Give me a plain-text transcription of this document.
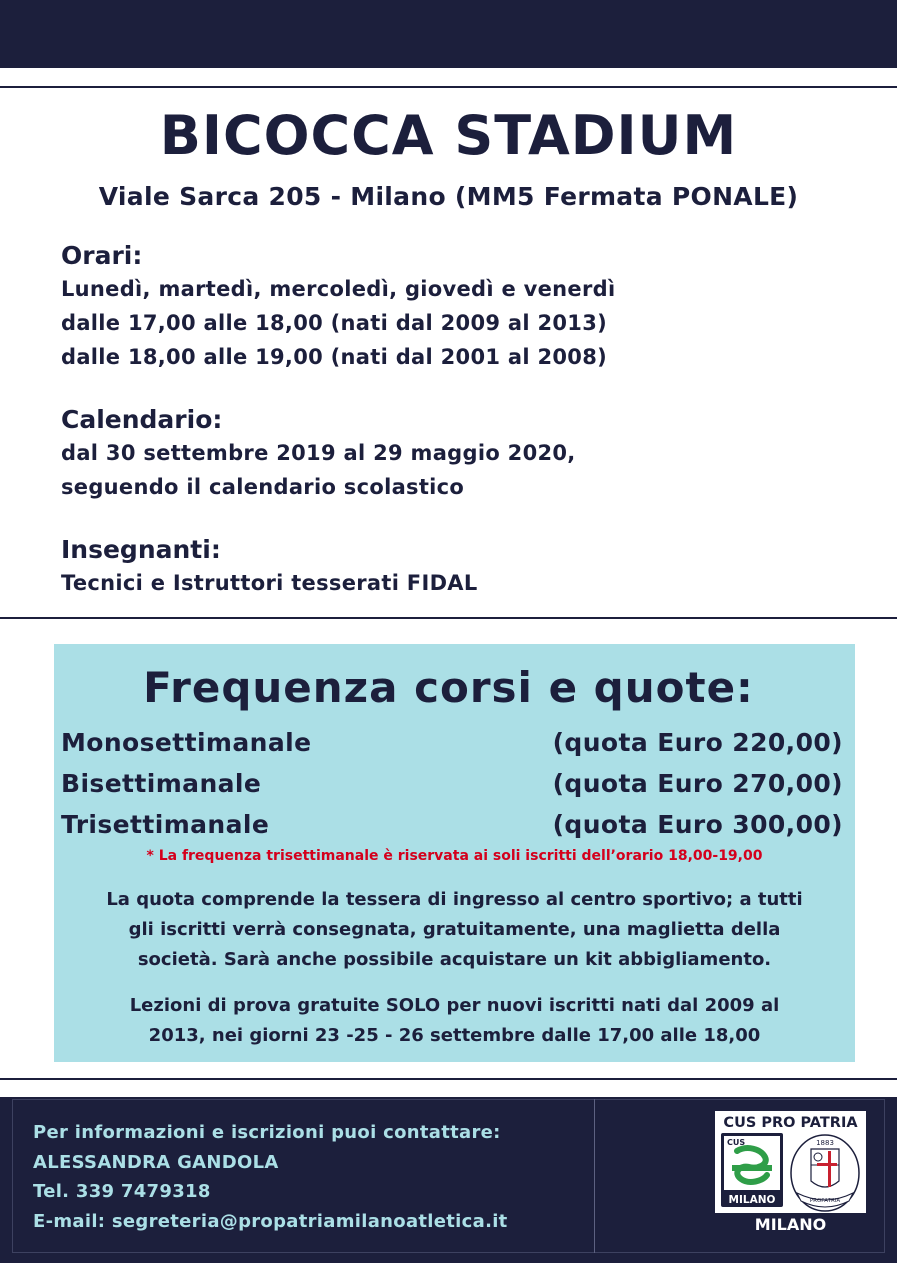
BICOCCA STADIUM
Viale Sarca 205 - Milano (MM5 Fermata PONALE)
Orari:
Lunedì, martedì, mercoledì, giovedì e venerdì
dalle 17,00 alle 18,00 (nati dal 2009 al 2013)
dalle 18,00 alle 19,00 (nati dal 2001 al 2008)
Calendario:
dal 30 settembre 2019 al 29 maggio 2020,
seguendo il calendario scolastico
Insegnanti:
Tecnici e Istruttori tesserati FIDAL
Frequenza corsi e quote:
Monosettimanale	(quota Euro 220,00)
Bisettimanale	(quota Euro 270,00)
Trisettimanale	(quota Euro 300,00)
* La frequenza trisettimanale è riservata ai soli iscritti dell’orario 18,00-19,00
La quota comprende la tessera di ingresso al centro sportivo; a tutti
gli iscritti verrà consegnata, gratuitamente, una maglietta della
società. Sarà anche possibile acquistare un kit abbigliamento.
Lezioni di prova gratuite SOLO per nuovi iscritti nati dal 2009 al
2013, nei giorni 23 -25 - 26 settembre dalle 17,00 alle 18,00
Per informazioni e iscrizioni puoi contattare:
ALESSANDRA GANDOLA
Tel. 339 7479318
E-mail: segreteria@propatriamilanoatletica.it
CUS PRO PATRIA
CUS
MILANO
1883
PROPATRIA
MILANO
